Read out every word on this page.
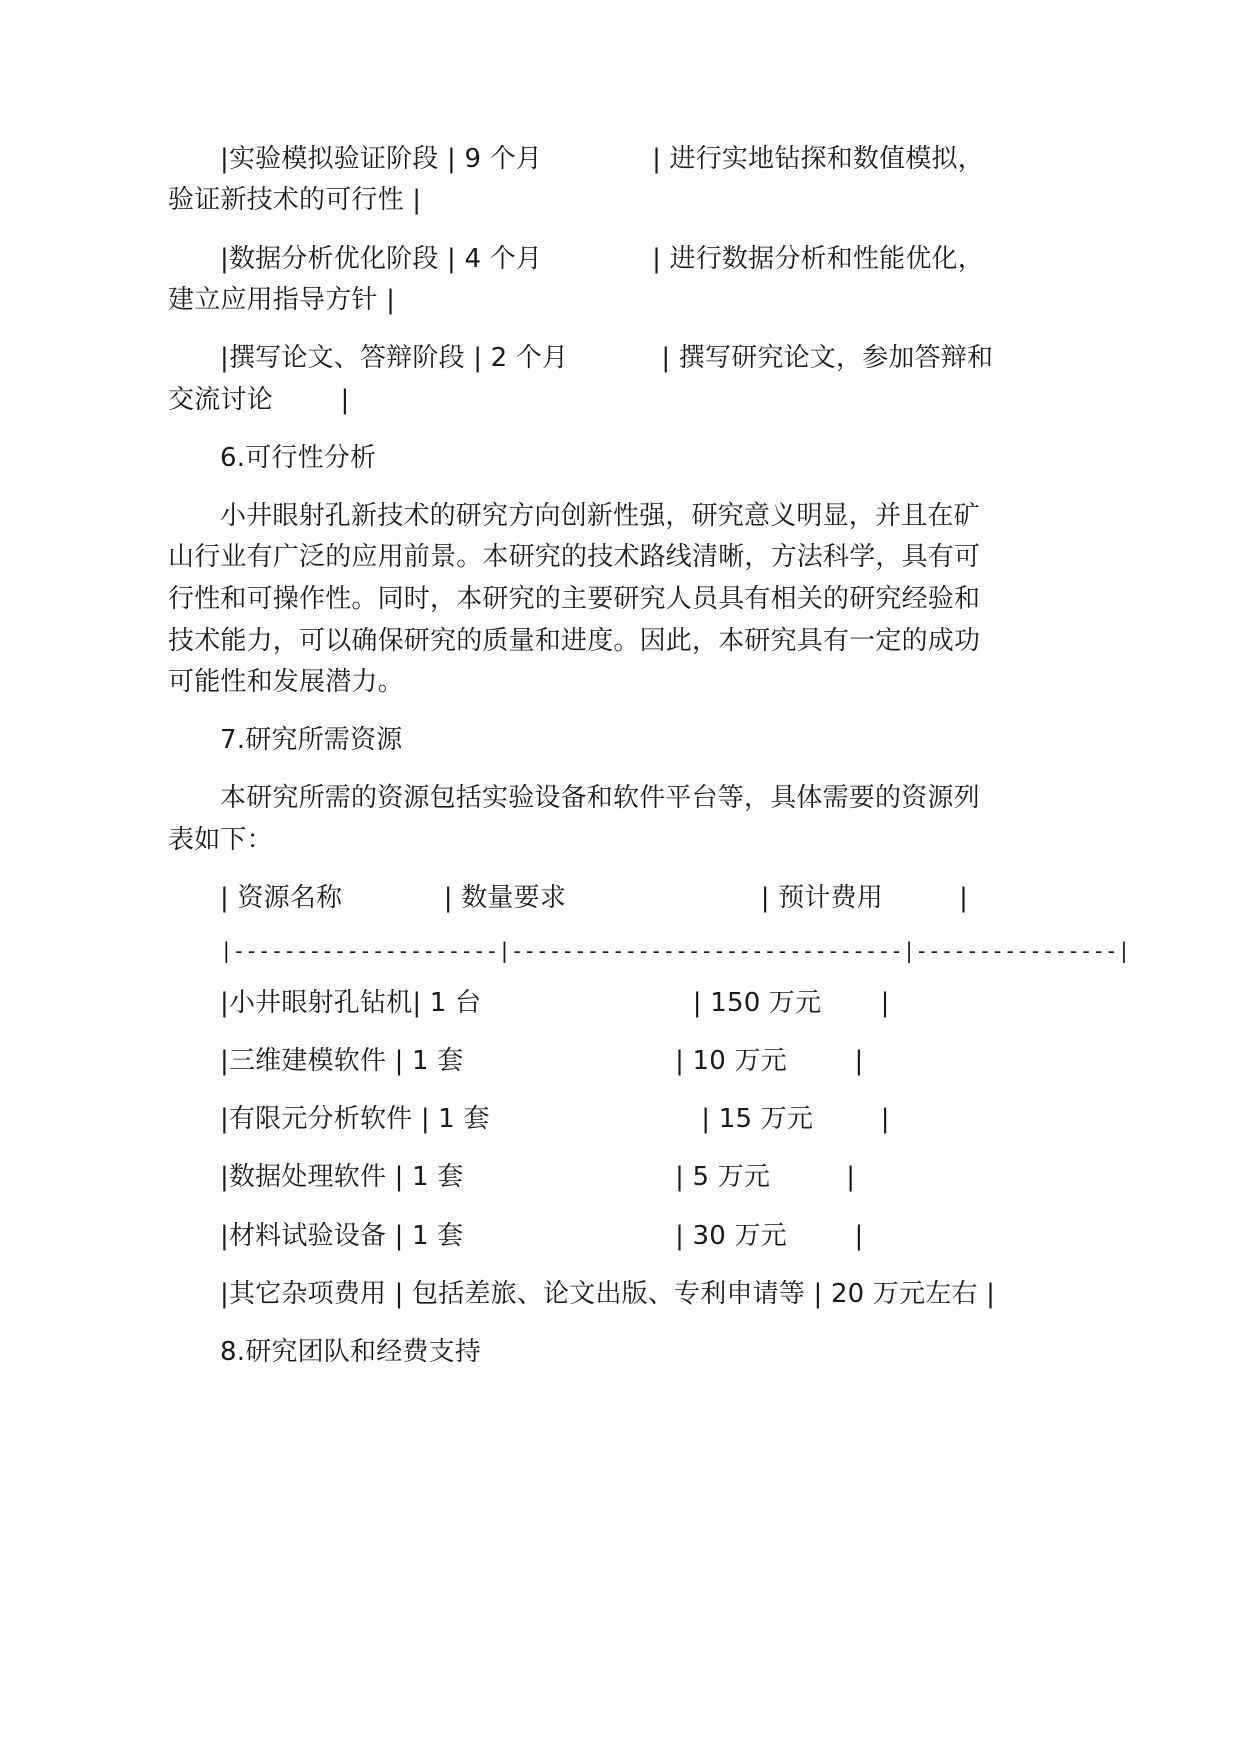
|实验模拟验证阶段 | 9 个月             | 进行实地钻探和数值模拟，
验证新技术的可行性 |
|数据分析优化阶段 | 4 个月             | 进行数据分析和性能优化，
建立应用指导方针 |
|撰写论文、答辩阶段 | 2 个月           | 撰写研究论文，参加答辩和
交流讨论        |
6.可行性分析
小井眼射孔新技术的研究方向创新性强，研究意义明显，并且在矿
山行业有广泛的应用前景。本研究的技术路线清晰，方法科学，具有可
行性和可操作性。同时，本研究的主要研究人员具有相关的研究经验和
技术能力，可以确保研究的质量和进度。因此，本研究具有一定的成功
可能性和发展潜力。
7.研究所需资源
本研究所需的资源包括实验设备和软件平台等，具体需要的资源列
表如下：
| 资源名称            | 数量要求                       | 预计费用         |
|---------------------|-------------------------------|----------------|
|小井眼射孔钻机| 1 台                         | 150 万元       |
|三维建模软件 | 1 套                         | 10 万元        |
|有限元分析软件 | 1 套                         | 15 万元        |
|数据处理软件 | 1 套                         | 5 万元         |
|材料试验设备 | 1 套                         | 30 万元        |
|其它杂项费用 | 包括差旅、论文出版、专利申请等 | 20 万元左右 |
8.研究团队和经费支持
